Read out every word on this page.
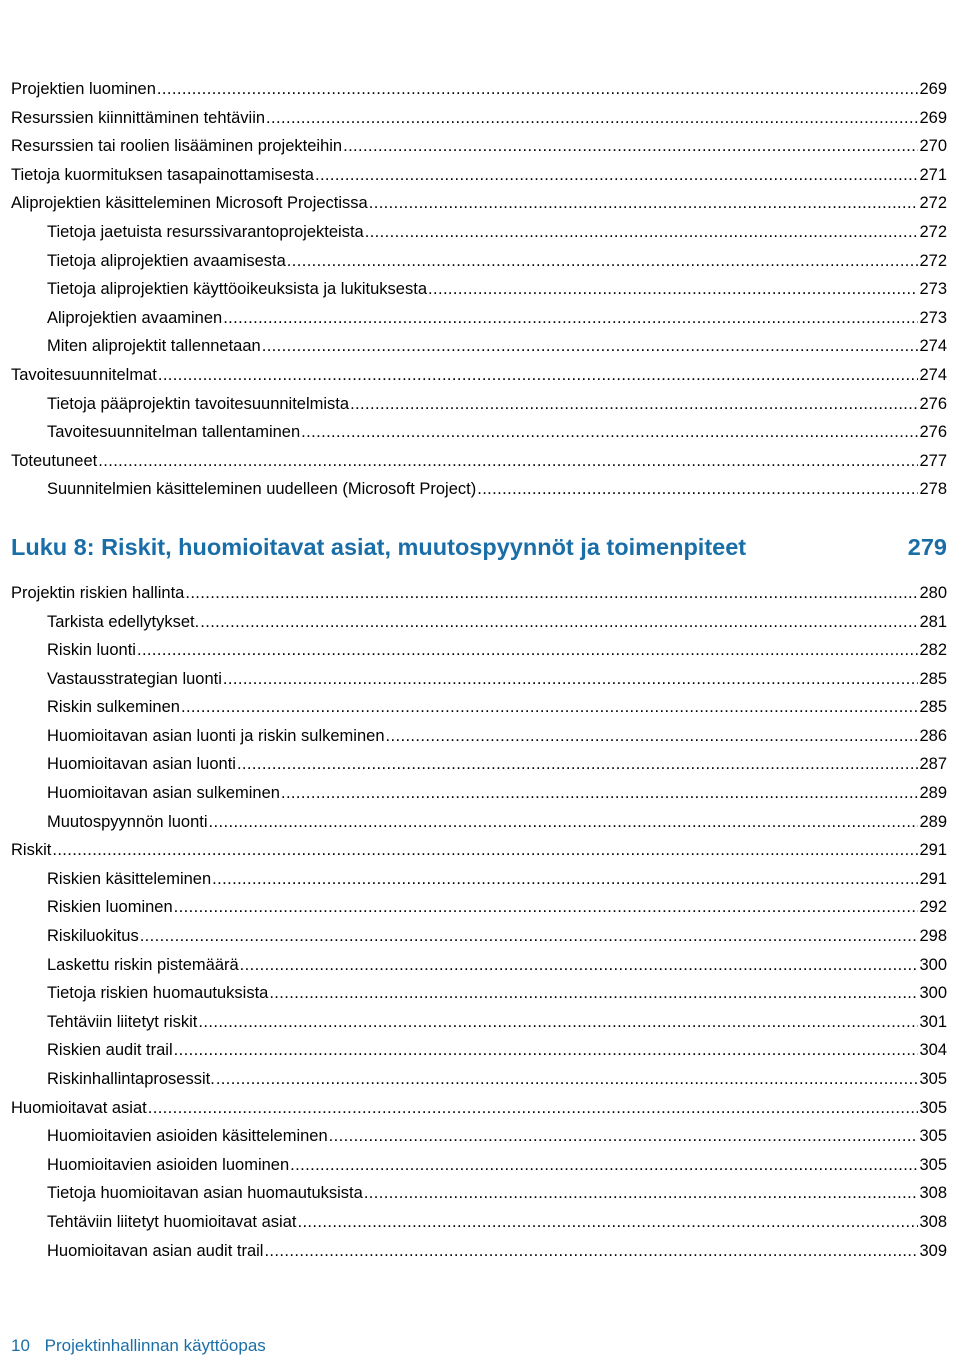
Projektien luominen .....	269
Resurssien kiinnittäminen tehtäviin .....	269
Resurssien tai roolien lisääminen projekteihin .....	270
Tietoja kuormituksen tasapainottamisesta .....	271
Aliprojektien käsitteleminen Microsoft Projectissa .....	272
Tietoja jaetuista resurssivarantoprojekteista .....	272
Tietoja aliprojektien avaamisesta .....	272
Tietoja aliprojektien käyttöoikeuksista ja lukituksesta .....	273
Aliprojektien avaaminen .....	273
Miten aliprojektit tallennetaan .....	274
Tavoitesuunnitelmat .....	274
Tietoja pääprojektin tavoitesuunnitelmista .....	276
Tavoitesuunnitelman tallentaminen .....	276
Toteutuneet .....	277
Suunnitelmien käsitteleminen uudelleen (Microsoft Project) .....	278
Luku 8: Riskit, huomioitavat asiat, muutospyynnöt ja toimenpiteet	279
Projektin riskien hallinta .....	280
Tarkista edellytykset. .....	281
Riskin luonti .....	282
Vastausstrategian luonti .....	285
Riskin sulkeminen .....	285
Huomioitavan asian luonti ja riskin sulkeminen .....	286
Huomioitavan asian luonti .....	287
Huomioitavan asian sulkeminen .....	289
Muutospyynnön luonti .....	289
Riskit .....	291
Riskien käsitteleminen .....	291
Riskien luominen .....	292
Riskiluokitus .....	298
Laskettu riskin pistemäärä .....	300
Tietoja riskien huomautuksista .....	300
Tehtäviin liitetyt riskit .....	301
Riskien audit trail .....	304
Riskinhallintaprosessit. .....	305
Huomioitavat asiat .....	305
Huomioitavien asioiden käsitteleminen .....	305
Huomioitavien asioiden luominen .....	305
Tietoja huomioitavan asian huomautuksista .....	308
Tehtäviin liitetyt huomioitavat asiat .....	308
Huomioitavan asian audit trail .....	309
10 Projektinhallinnan käyttöopas
